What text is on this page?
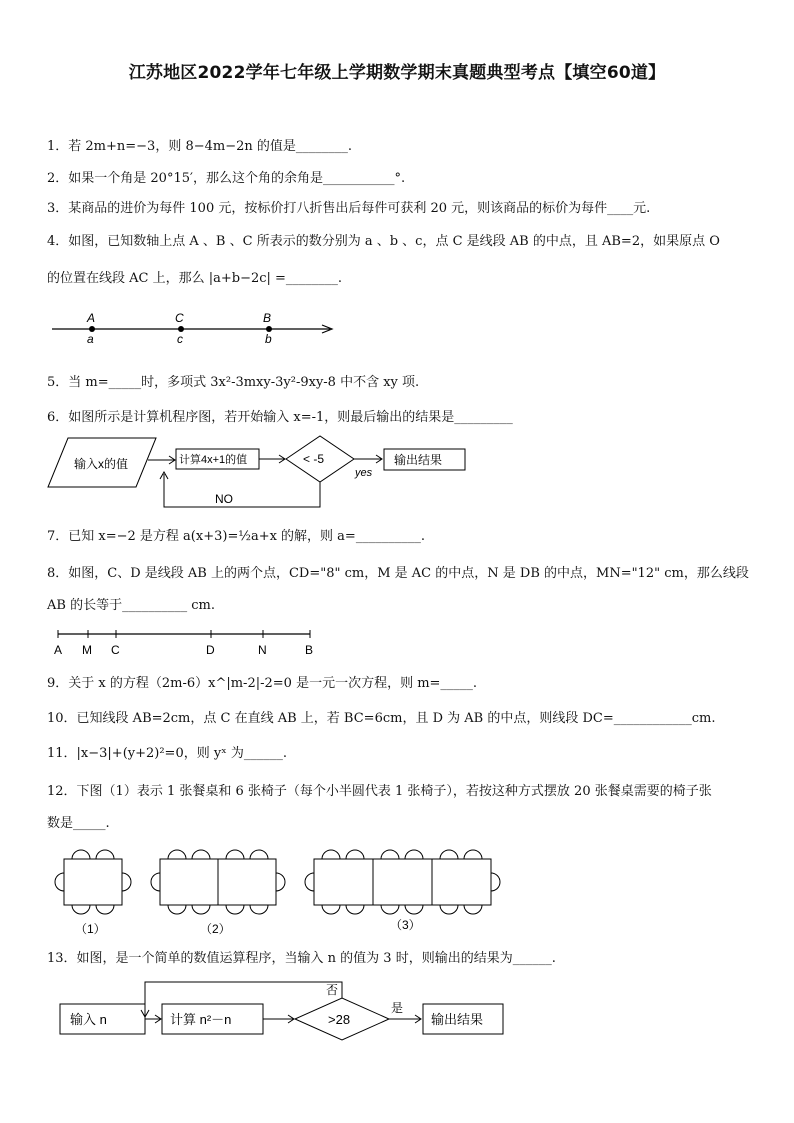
江苏地区2022学年七年级上学期数学期末真题典型考点【填空60道】
1．若 2m+n=−3，则 8−4m−2n 的值是________.
2．如果一个角是 20°15′，那么这个角的余角是___________°.
3．某商品的进价为每件 100 元，按标价打八折售出后每件可获利 20 元，则该商品的标价为每件____元.
4．如图，已知数轴上点 A 、B 、C 所表示的数分别为 a 、b 、c，点 C 是线段 AB 的中点，且 AB=2，如果原点 O
的位置在线段 AC 上，那么 |a+b−2c| =________.
A	C	B
a	c	b
5．当 m=_____时，多项式 3x²-3mxy-3y²-9xy-8 中不含 xy 项.
6．如图所示是计算机程序图，若开始输入 x=-1，则最后输出的结果是_________
输入x的值	计算4x+1的值	< -5
yes
输出结果
NO
7．已知 x=−2 是方程 a(x+3)=½a+x 的解，则 a=__________.
8．如图，C、D 是线段 AB 上的两个点，CD="8" cm，M 是 AC 的中点，N 是 DB 的中点，MN="12" cm，那么线段
AB 的长等于__________ cm.
A M C	D	N	B
9．关于 x 的方程（2m-6）x^|m-2|-2=0 是一元一次方程，则 m=_____.
10．已知线段 AB=2cm，点 C 在直线 AB 上，若 BC=6cm，且 D 为 AB 的中点，则线段 DC=____________cm.
11．|x−3|+(y+2)²=0，则 yˣ 为______.
12．下图（1）表示 1 张餐桌和 6 张椅子（每个小半圆代表 1 张椅子），若按这种方式摆放 20 张餐桌需要的椅子张
数是_____.
（1）	（2）	（3）
13．如图，是一个简单的数值运算程序，当输入 n 的值为 3 时，则输出的结果为______.
输入 n	计算 n²－n	>28
否
是
输出结果
